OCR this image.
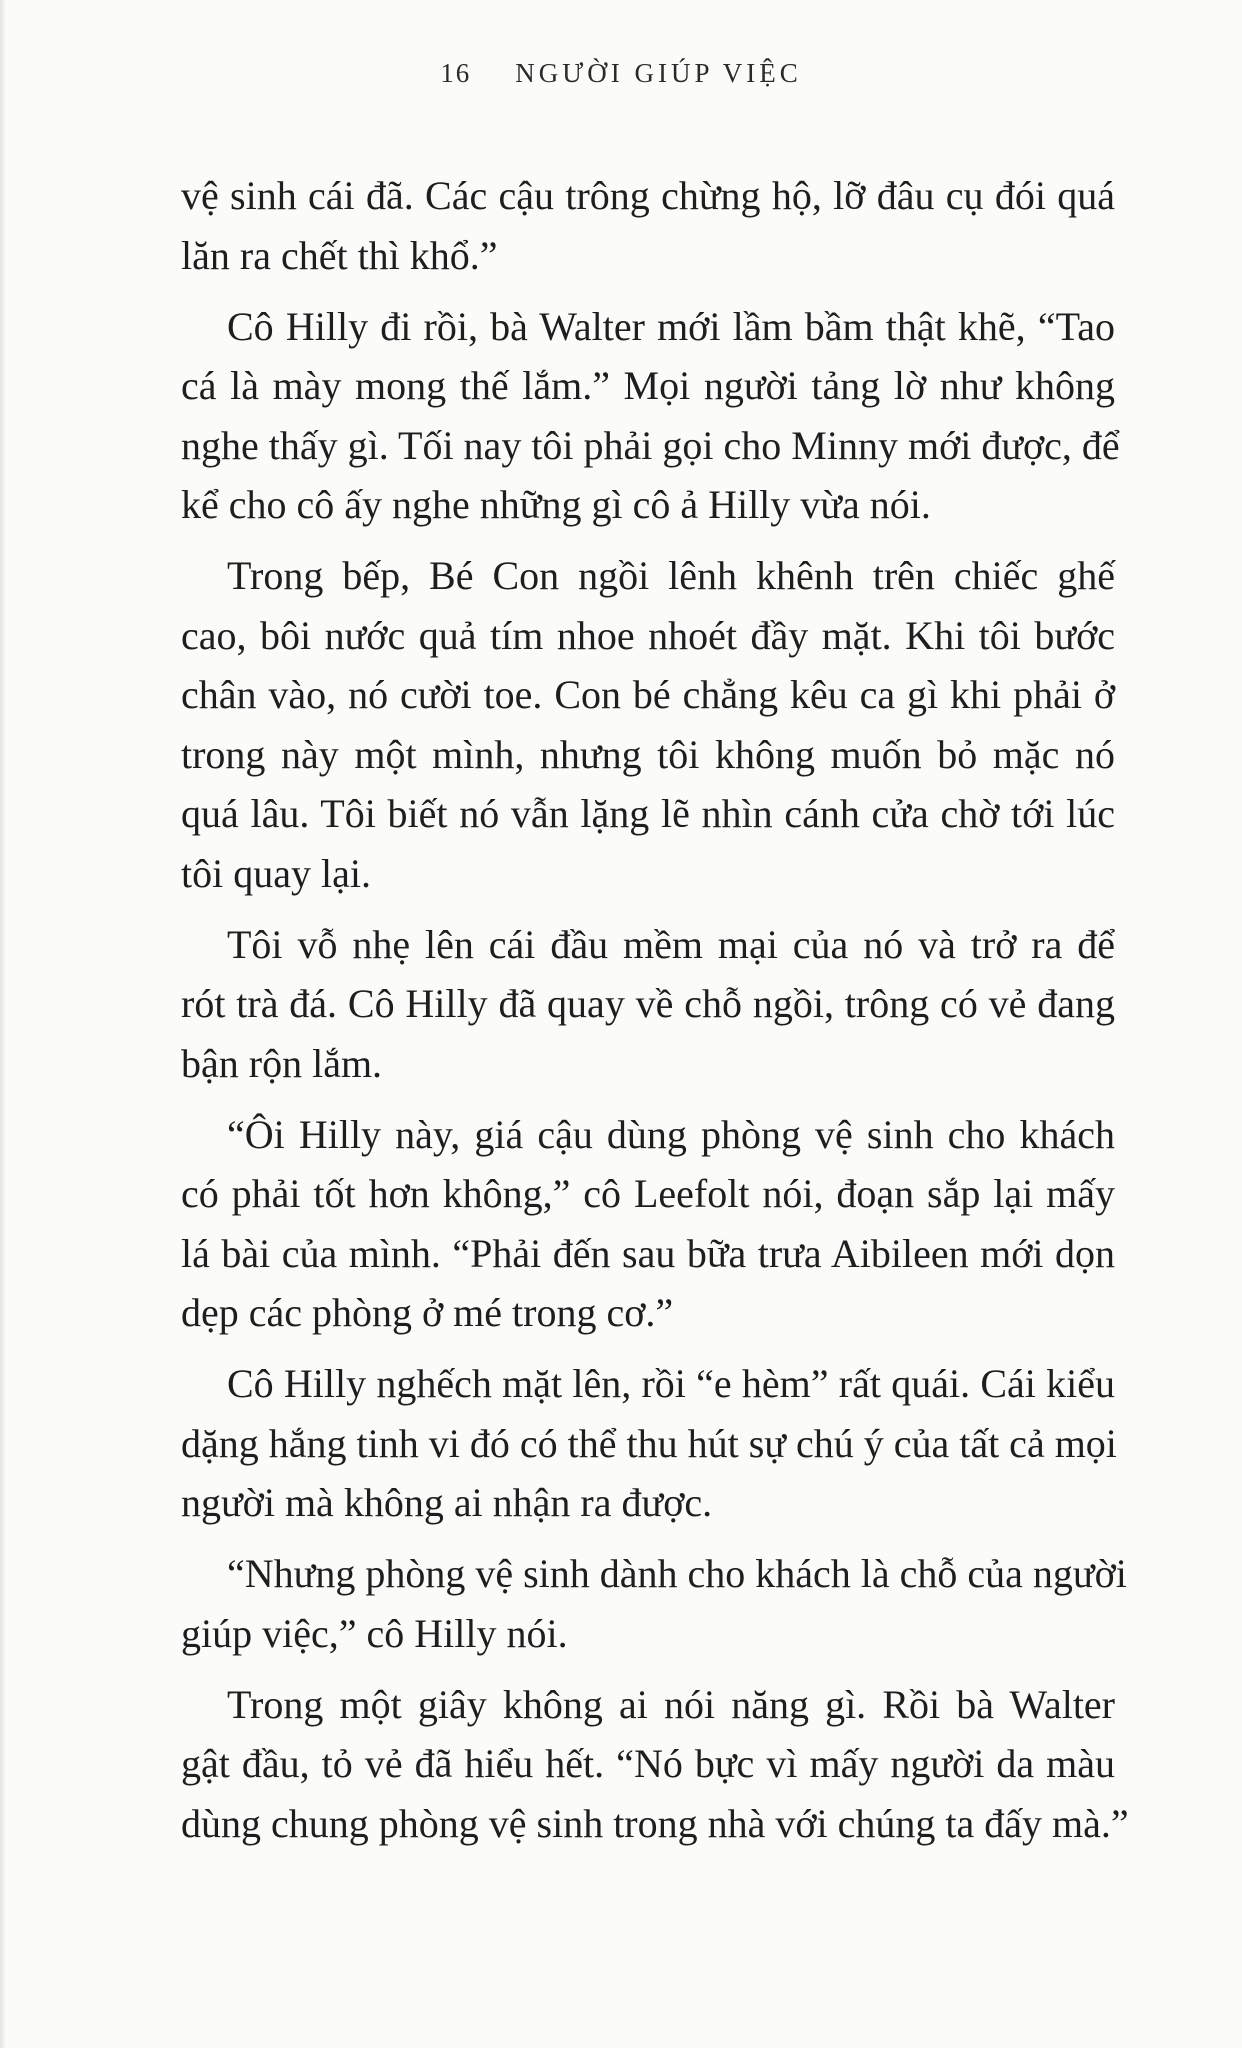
16 NGƯỜI GIÚP VIỆC

vệ sinh cái đã. Các cậu trông chừng hộ, lỡ đâu cụ đói quá
lăn ra chết thì khổ.”

Cô Hilly đi rồi, bà Walter mới lầm bầm thật khẽ, “Tao
cá là mày mong thế lắm.” Mọi người tảng lờ như không
nghe thấy gì. Tối nay tôi phải gọi cho Minny mới được, để
kể cho cô ấy nghe những gì cô ả Hilly vừa nói.

Trong bếp, Bé Con ngồi lênh khênh trên chiếc ghế
cao, bôi nước quả tím nhoe nhoét đầy mặt. Khi tôi bước
chân vào, nó cười toe. Con bé chẳng kêu ca gì khi phải ở
trong này một mình, nhưng tôi không muốn bỏ mặc nó
quá lâu. Tôi biết nó vẫn lặng lẽ nhìn cánh cửa chờ tới lúc
tôi quay lại.

Tôi vỗ nhẹ lên cái đầu mềm mại của nó và trở ra để
rót trà đá. Cô Hilly đã quay về chỗ ngồi, trông có vẻ đang
bận rộn lắm.

“Ôi Hilly này, giá cậu dùng phòng vệ sinh cho khách
có phải tốt hơn không,” cô Leefolt nói, đoạn sắp lại mấy
lá bài của mình. “Phải đến sau bữa trưa Aibileen mới dọn
dẹp các phòng ở mé trong cơ.”

Cô Hilly nghếch mặt lên, rồi “e hèm” rất quái. Cái kiểu
dặng hắng tinh vi đó có thể thu hút sự chú ý của tất cả mọi
người mà không ai nhận ra được.

“Nhưng phòng vệ sinh dành cho khách là chỗ của người
giúp việc,” cô Hilly nói.

Trong một giây không ai nói năng gì. Rồi bà Walter
gật đầu, tỏ vẻ đã hiểu hết. “Nó bực vì mấy người da màu
dùng chung phòng vệ sinh trong nhà với chúng ta đấy mà.”
